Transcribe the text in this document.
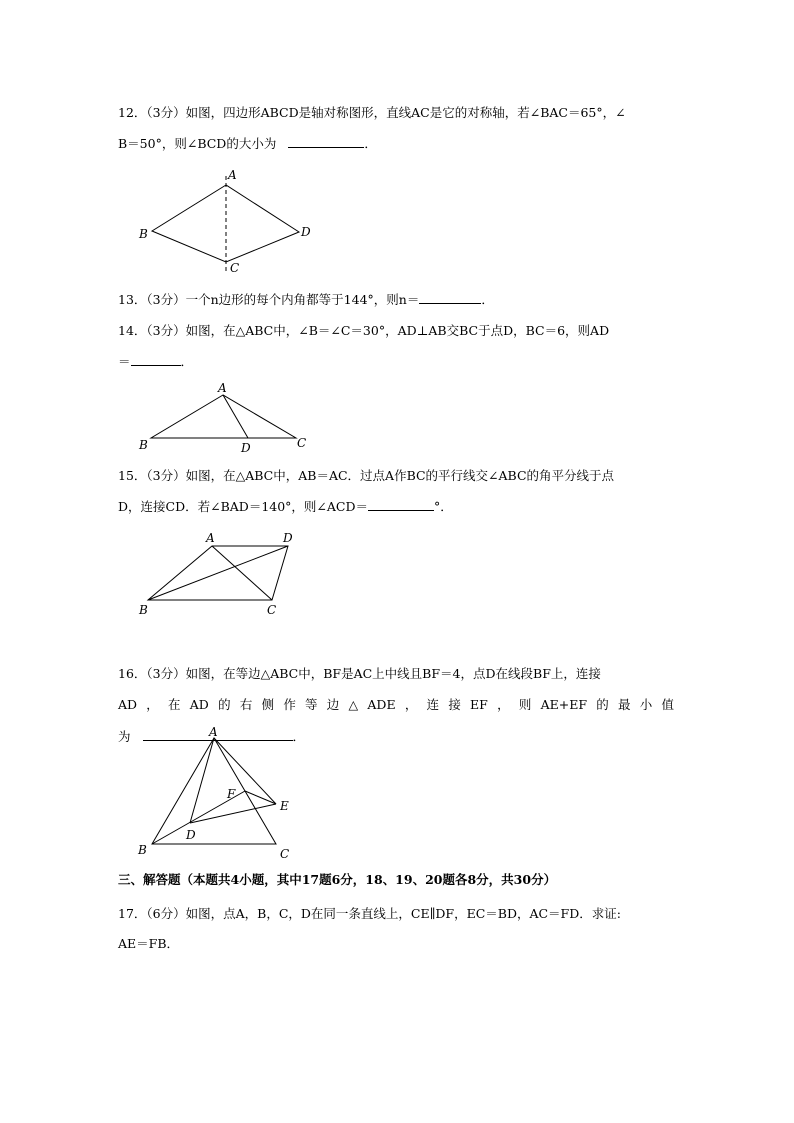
12．（3分）如图，四边形ABCD是轴对称图形，直线AC是它的对称轴，若∠BAC＝65°，∠
B＝50°，则∠BCD的大小为	．
A
B
C
D
13．（3分）一个n边形的每个内角都等于144°，则n＝	．
14．（3分）如图，在△ABC中，∠B＝∠C＝30°，AD⊥AB交BC于点D，BC＝6，则AD
＝	．
A
B	C
D
15．（3分）如图，在△ABC中，AB＝AC．过点A作BC的平行线交∠ABC的角平分线于点
D，连接CD．若∠BAD＝140°，则∠ACD＝	°．
A
B	C
D
16．（3分）如图，在等边△ABC中，BF是AC上中线且BF＝4，点D在线段BF上，连接
AD，在AD的右侧作等边△ADE，连接EF，则AE+EF的最小值
为	．
A
B	C
D
E
F
三、解答题（本题共4小题，其中17题6分，18、19、20题各8分，共30分）
17．（6分）如图，点A，B，C，D在同一条直线上，CE∥DF，EC＝BD，AC＝FD．求证:
AE＝FB．
